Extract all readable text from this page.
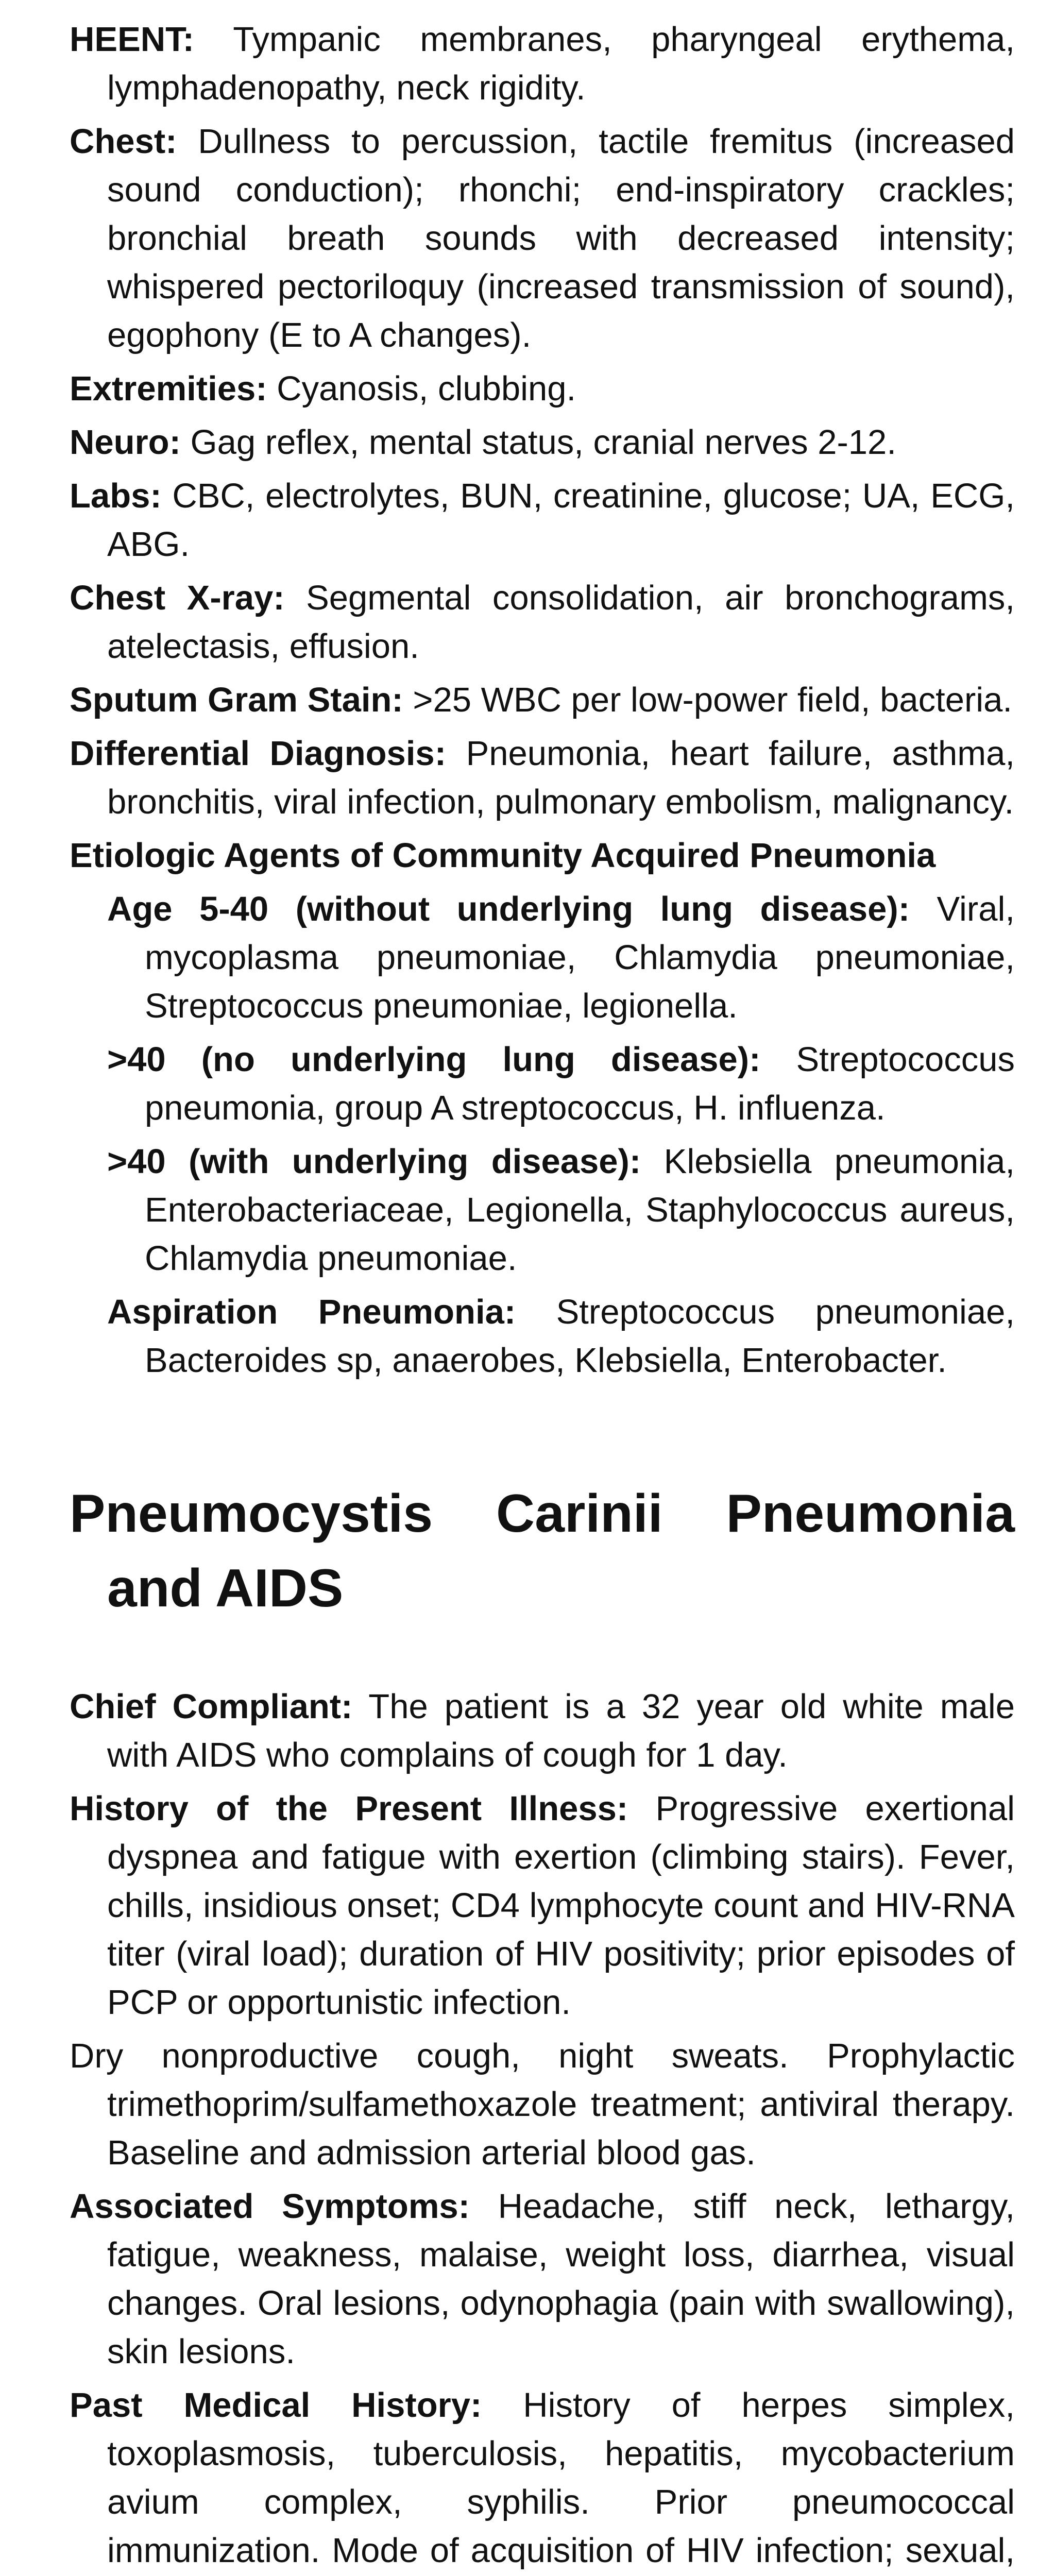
HEENT: Tympanic membranes, pharyngeal erythema, lymphadenopathy, neck rigidity.

Chest: Dullness to percussion, tactile fremitus (increased sound conduction); rhonchi; end-inspiratory crackles; bronchial breath sounds with decreased intensity; whispered pectoriloquy (increased transmission of sound), egophony (E to A changes).

Extremities: Cyanosis, clubbing.

Neuro: Gag reflex, mental status, cranial nerves 2-12.

Labs: CBC, electrolytes, BUN, creatinine, glucose; UA, ECG, ABG.

Chest X-ray: Segmental consolidation, air bronchograms, atelectasis, effusion.

Sputum Gram Stain: >25 WBC per low-power field, bacteria.

Differential Diagnosis: Pneumonia, heart failure, asthma, bronchitis, viral infection, pulmonary embolism, malignancy.

Etiologic Agents of Community Acquired Pneumonia

Age 5-40 (without underlying lung disease): Viral, mycoplasma pneumoniae, Chlamydia pneumoniae, Streptococcus pneumoniae, legionella.

>40 (no underlying lung disease): Streptococcus pneumonia, group A streptococcus, H. influenza.

>40 (with underlying disease): Klebsiella pneumonia, Enterobacteriaceae, Legionella, Staphylococcus aureus, Chlamydia pneumoniae.

Aspiration Pneumonia: Streptococcus pneumoniae, Bacteroides sp, anaerobes, Klebsiella, Enterobacter.

Pneumocystis Carinii Pneumonia and AIDS

Chief Compliant: The patient is a 32 year old white male with AIDS who complains of cough for 1 day.

History of the Present Illness: Progressive exertional dyspnea and fatigue with exertion (climbing stairs). Fever, chills, insidious onset; CD4 lymphocyte count and HIV-RNA titer (viral load); duration of HIV positivity; prior episodes of PCP or opportunistic infection.

Dry nonproductive cough, night sweats. Prophylactic trimethoprim/sulfamethoxazole treatment; antiviral therapy. Baseline and admission arterial blood gas.

Associated Symptoms: Headache, stiff neck, lethargy, fatigue, weakness, malaise, weight loss, diarrhea, visual changes. Oral lesions, odynophagia (pain with swallowing), skin lesions.

Past Medical History: History of herpes simplex, toxoplasmosis, tuberculosis, hepatitis, mycobacterium avium complex, syphilis. Prior pneumococcal immunization. Mode of acquisition of HIV infection; sexual,
